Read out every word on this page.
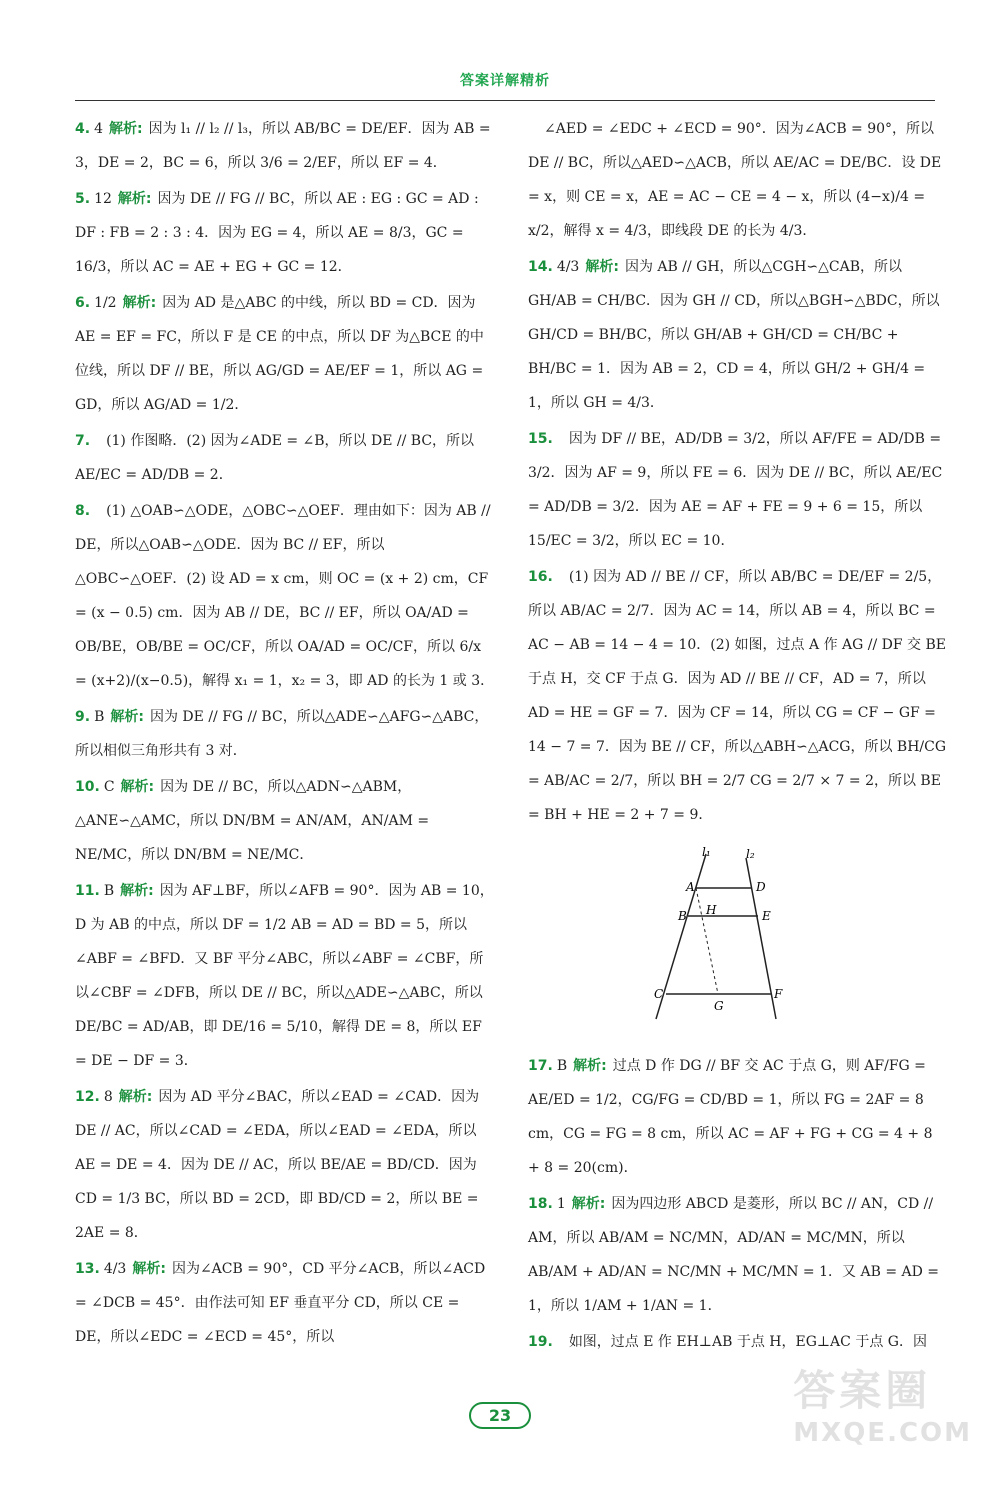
答案详解精析
4. 4 解析: 因为 l₁ // l₂ // l₃，所以 AB/BC = DE/EF．因为 AB = 3，DE = 2，BC = 6，所以 3/6 = 2/EF，所以 EF = 4．
5. 12 解析: 因为 DE // FG // BC，所以 AE : EG : GC = AD : DF : FB = 2 : 3 : 4．因为 EG = 4，所以 AE = 8/3，GC = 16/3，所以 AC = AE + EG + GC = 12．
6. 1/2 解析: 因为 AD 是△ABC 的中线，所以 BD = CD．因为 AE = EF = FC，所以 F 是 CE 的中点，所以 DF 为△BCE 的中位线，所以 DF // BE，所以 AG/GD = AE/EF = 1，所以 AG = GD，所以 AG/AD = 1/2．
7. (1) 作图略．(2) 因为∠ADE = ∠B，所以 DE // BC，所以 AE/EC = AD/DB = 2．
8. (1) △OAB∽△ODE，△OBC∽△OEF．理由如下：因为 AB // DE，所以△OAB∽△ODE．因为 BC // EF，所以△OBC∽△OEF．(2) 设 AD = x cm，则 OC = (x + 2) cm，CF = (x − 0.5) cm．因为 AB // DE，BC // EF，所以 OA/AD = OB/BE，OB/BE = OC/CF，所以 OA/AD = OC/CF，所以 6/x = (x+2)/(x−0.5)，解得 x₁ = 1，x₂ = 3，即 AD 的长为 1 或 3．
9. B 解析: 因为 DE // FG // BC，所以△ADE∽△AFG∽△ABC，所以相似三角形共有 3 对．
10. C 解析: 因为 DE // BC，所以△ADN∽△ABM，△ANE∽△AMC，所以 DN/BM = AN/AM，AN/AM = NE/MC，所以 DN/BM = NE/MC．
11. B 解析: 因为 AF⊥BF，所以∠AFB = 90°．因为 AB = 10，D 为 AB 的中点，所以 DF = 1/2 AB = AD = BD = 5，所以∠ABF = ∠BFD．又 BF 平分∠ABC，所以∠ABF = ∠CBF，所以∠CBF = ∠DFB，所以 DE // BC，所以△ADE∽△ABC，所以 DE/BC = AD/AB，即 DE/16 = 5/10，解得 DE = 8，所以 EF = DE − DF = 3．
12. 8 解析: 因为 AD 平分∠BAC，所以∠EAD = ∠CAD．因为 DE // AC，所以∠CAD = ∠EDA，所以∠EAD = ∠EDA，所以 AE = DE = 4．因为 DE // AC，所以 BE/AE = BD/CD．因为 CD = 1/3 BC，所以 BD = 2CD，即 BD/CD = 2，所以 BE = 2AE = 8．
13. 4/3 解析: 因为∠ACB = 90°，CD 平分∠ACB，所以∠ACD = ∠DCB = 45°．由作法可知 EF 垂直平分 CD，所以 CE = DE，所以∠EDC = ∠ECD = 45°，所以
∠AED = ∠EDC + ∠ECD = 90°．因为∠ACB = 90°，所以 DE // BC，所以△AED∽△ACB，所以 AE/AC = DE/BC．设 DE = x，则 CE = x，AE = AC − CE = 4 − x，所以 (4−x)/4 = x/2，解得 x = 4/3，即线段 DE 的长为 4/3．
14. 4/3 解析: 因为 AB // GH，所以△CGH∽△CAB，所以 GH/AB = CH/BC．因为 GH // CD，所以△BGH∽△BDC，所以 GH/CD = BH/BC，所以 GH/AB + GH/CD = CH/BC + BH/BC = 1．因为 AB = 2，CD = 4，所以 GH/2 + GH/4 = 1，所以 GH = 4/3．
15. 因为 DF // BE，AD/DB = 3/2，所以 AF/FE = AD/DB = 3/2．因为 AF = 9，所以 FE = 6．因为 DE // BC，所以 AE/EC = AD/DB = 3/2．因为 AE = AF + FE = 9 + 6 = 15，所以 15/EC = 3/2，所以 EC = 10．
16. (1) 因为 AD // BE // CF，所以 AB/BC = DE/EF = 2/5，所以 AB/AC = 2/7．因为 AC = 14，所以 AB = 4，所以 BC = AC − AB = 14 − 4 = 10．(2) 如图，过点 A 作 AG // DF 交 BE 于点 H，交 CF 于点 G．因为 AD // BE // CF，AD = 7，所以 AD = HE = GF = 7．因为 CF = 14，所以 CG = CF − GF = 14 − 7 = 7．因为 BE // CF，所以△ABH∽△ACG，所以 BH/CG = AB/AC = 2/7，所以 BH = 2/7 CG = 2/7 × 7 = 2，所以 BE = BH + HE = 2 + 7 = 9．
l₁	l₂
A	D
B H	E
C
G
F
17. B 解析: 过点 D 作 DG // BF 交 AC 于点 G，则 AF/FG = AE/ED = 1/2，CG/FG = CD/BD = 1，所以 FG = 2AF = 8 cm，CG = FG = 8 cm，所以 AC = AF + FG + CG = 4 + 8 + 8 = 20(cm)．
18. 1 解析: 因为四边形 ABCD 是菱形，所以 BC // AN，CD // AM，所以 AB/AM = NC/MN，AD/AN = MC/MN，所以 AB/AM + AD/AN = NC/MN + MC/MN = 1．又 AB = AD = 1，所以 1/AM + 1/AN = 1．
19. 如图，过点 E 作 EH⊥AB 于点 H，EG⊥AC 于点 G．因
23
答案圈
MXQE.COM
